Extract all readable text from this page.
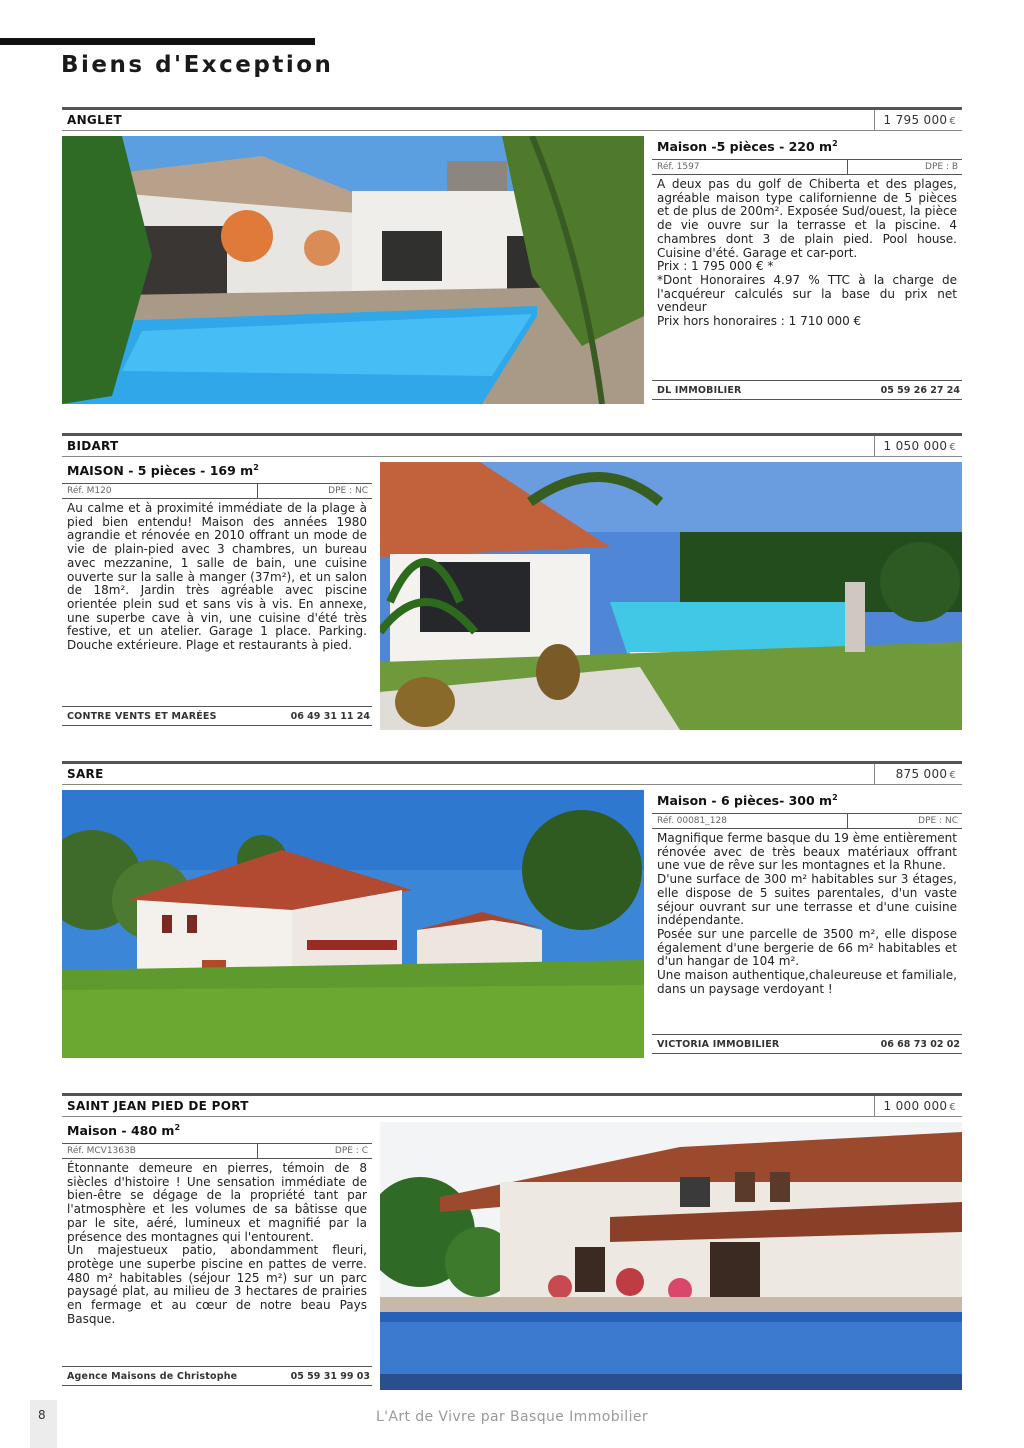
Biens d'Exception
ANGLET	1 795 000 €
Maison -5 pièces - 220 $m^2$
Réf. 1597	DPE : B

A deux pas du golf de Chiberta et des plages, agréable maison type californienne de 5 pièces et de plus de 200m². Exposée Sud/ouest, la pièce de vie ouvre sur la terrasse et la piscine. 4 chambres dont 3 de plain pied. Pool house. Cuisine d'été. Garage et car-port.

Prix : 1 795 000 € *

*Dont Honoraires 4.97 % TTC à la charge de l'acquéreur calculés sur la base du prix net vendeur

Prix hors honoraires : 1 710 000 €

DL IMMOBILIER	05 59 26 27 24
BIDART	1 050 000 €
MAISON - 5 pièces - 169 $m^2$
Réf. M120	DPE : NC

Au calme et à proximité immédiate de la plage à pied bien entendu! Maison des années 1980 agrandie et rénovée en 2010 offrant un mode de vie de plain-pied avec 3 chambres, un bureau avec mezzanine, 1 salle de bain, une cuisine ouverte sur la salle à manger (37m²), et un salon de 18m². Jardin très agréable avec piscine orientée plein sud et sans vis à vis. En annexe, une superbe cave à vin, une cuisine d'été très festive, et un atelier. Garage 1 place. Parking. Douche extérieure. Plage et restaurants à pied.

CONTRE VENTS ET MARÉES	06 49 31 11 24
SARE	875 000 €
Maison - 6 pièces- 300 $m^2$
Réf. 00081_128	DPE : NC

Magnifique ferme basque du 19 ème entièrement rénovée avec de très beaux matériaux offrant une vue de rêve sur les montagnes et la Rhune.

D'une surface de 300 m² habitables sur 3 étages, elle dispose de 5 suites parentales, d'un vaste séjour ouvrant sur une terrasse et d'une cuisine indépendante.

Posée sur une parcelle de 3500 m², elle dispose également d'une bergerie de 66 m² habitables et d'un hangar de 104 m².

Une maison authentique,chaleureuse et familiale, dans un paysage verdoyant !

VICTORIA IMMOBILIER	06 68 73 02 02
SAINT JEAN PIED DE PORT	1 000 000 €
Maison - 480 $m^2$
Réf. MCV1363B	DPE : C

Étonnante demeure en pierres, témoin de 8 siècles d'histoire ! Une sensation immédiate de bien-être se dégage de la propriété tant par l'atmosphère et les volumes de sa bâtisse que par le site, aéré, lumineux et magnifié par la présence des montagnes qui l'entourent.

Un majestueux patio, abondamment fleuri, protège une superbe piscine en pattes de verre. 480 m² habitables (séjour 125 m²) sur un parc paysagé plat, au milieu de 3 hectares de prairies en fermage et au cœur de notre beau Pays Basque.

Agence Maisons de Christophe	05 59 31 99 03
8	L'Art de Vivre par Basque Immobilier
